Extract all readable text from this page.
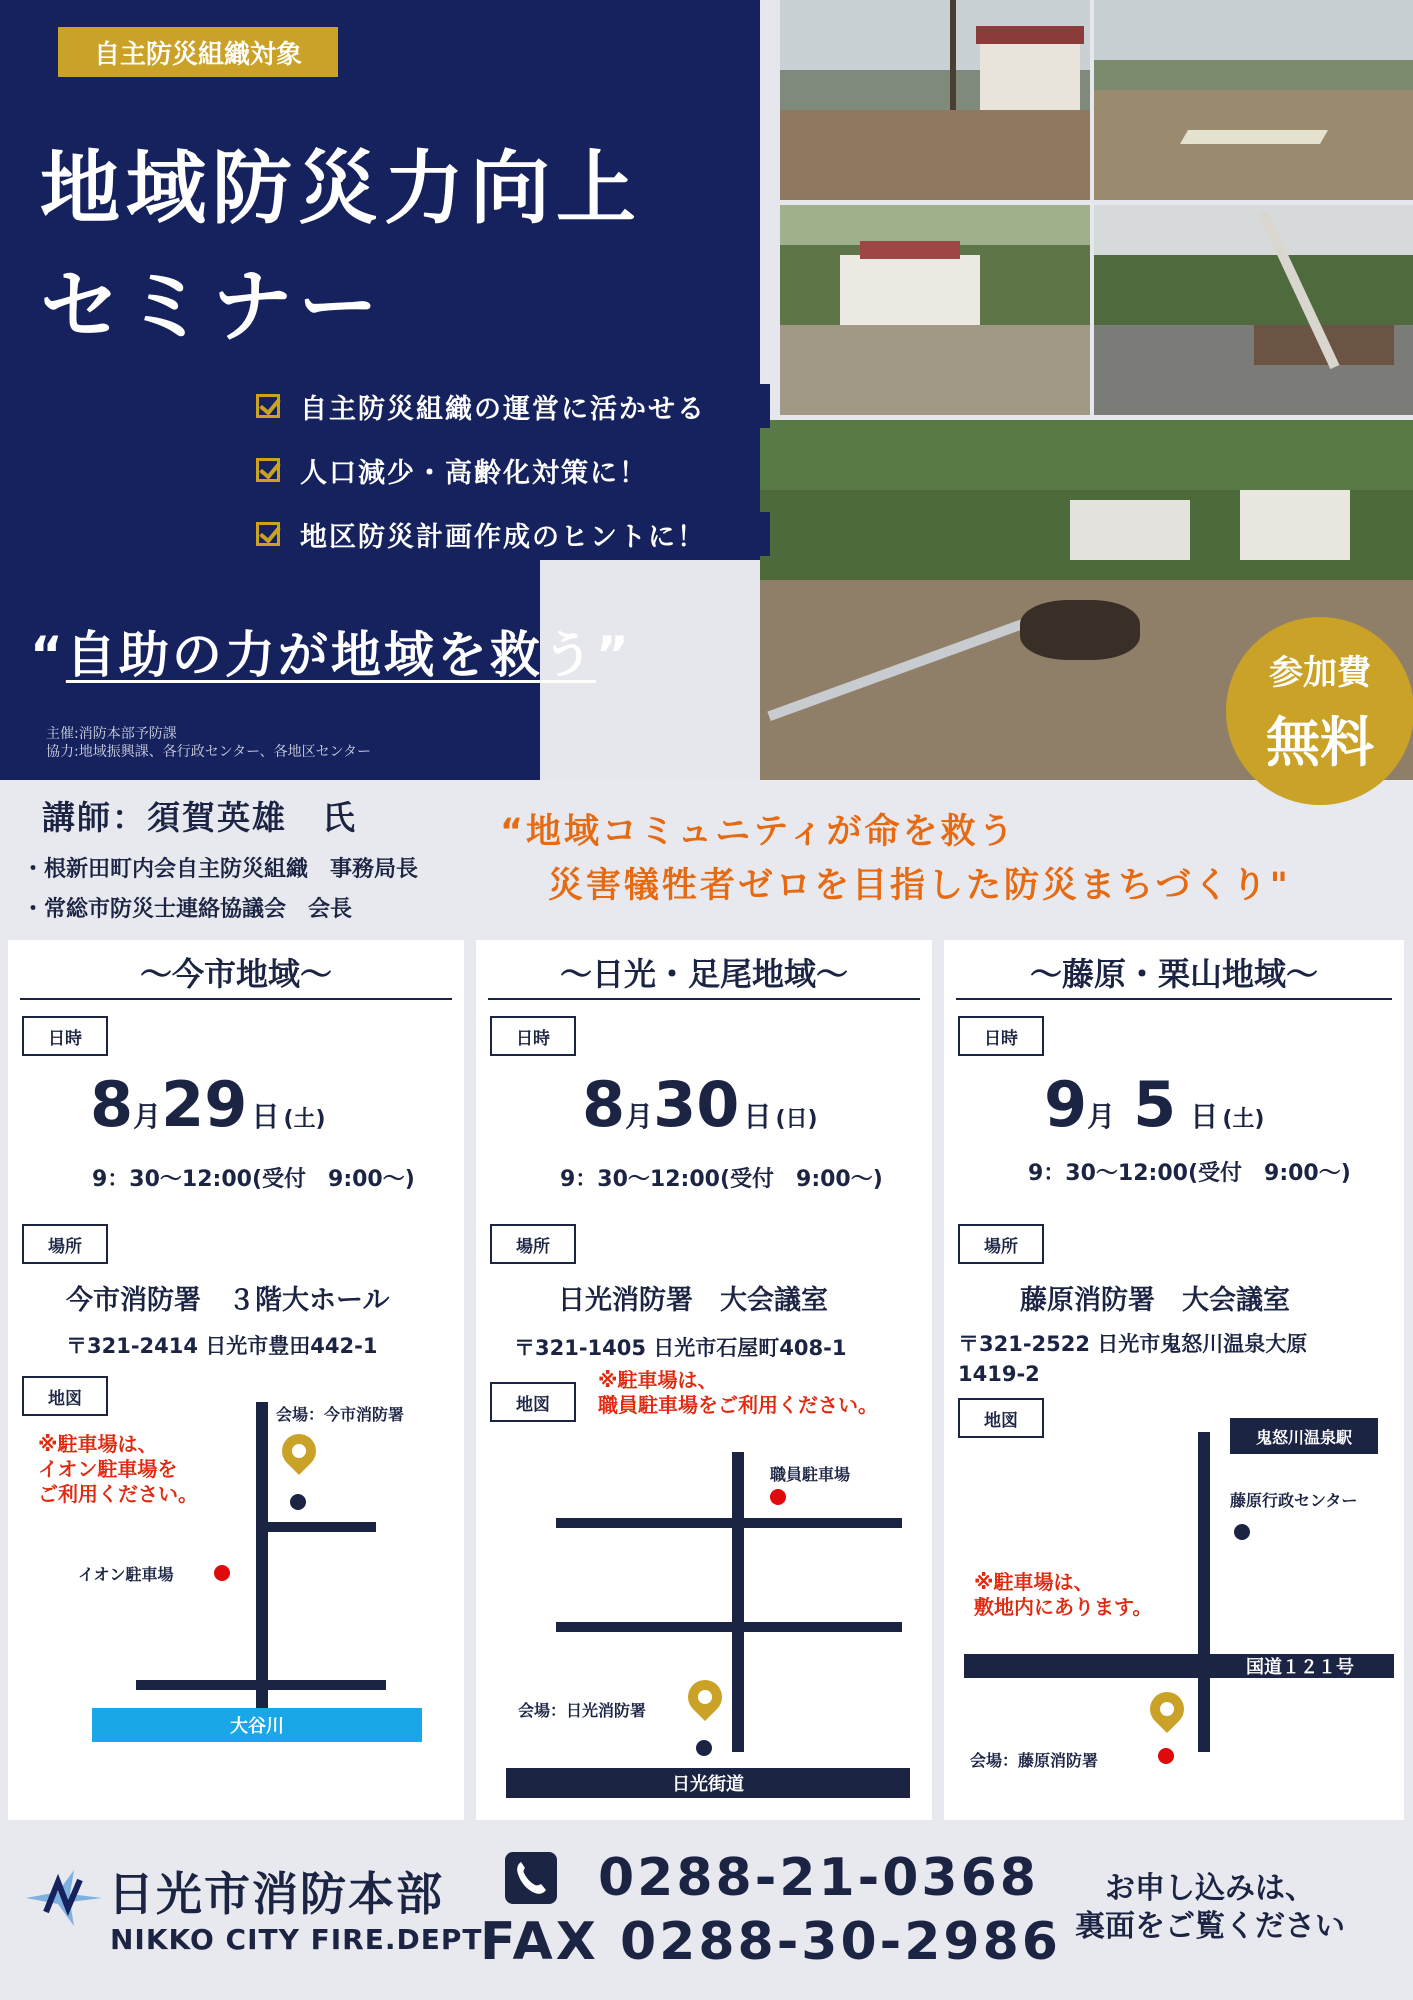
自主防災組織対象
地域防災力向上
セミナー
自主防災組織の運営に活かせる
人口減少・高齢化対策に！
地区防災計画作成のヒントに！
“自助の力が地域を救う”
主催:消防本部予防課
協力:地域振興課、各行政センター、各地区センター
参加費
無料
講師：須賀英雄　氏
・根新田町内会自主防災組織　事務局長
・常総市防災士連絡協議会　会長
“地域コミュニティが命を救う
災害犠牲者ゼロを目指した防災まちづくり"
～今市地域～
日時
8月29 日 (土)
9：30～12:00(受付　9:00～)
場所
今市消防署　３階大ホール
〒321-2414 日光市豊田442-1
地図
※駐車場は、
イオン駐車場を
ご利用ください。
会場：今市消防署
イオン駐車場
大谷川
～日光・足尾地域～
日時
8月30 日 (日)
9：30～12:00(受付　9:00～)
場所
日光消防署　大会議室
〒321-1405 日光市石屋町408-1
地図
※駐車場は、
職員駐車場をご利用ください。
職員駐車場
会場：日光消防署
日光街道
～藤原・栗山地域～
日時
9月 5 日 (土)
9：30～12:00(受付　9:00～)
場所
藤原消防署　大会議室
〒321-2522 日光市鬼怒川温泉大原
1419-2
地図
鬼怒川温泉駅
藤原行政センター
※駐車場は、
敷地内にあります。
国道１２１号
会場：藤原消防署
日光市消防本部
NIKKO CITY FIRE.DEPT
0288-21-0368
FAX 0288-30-2986
お申し込みは、
裏面をご覧ください
